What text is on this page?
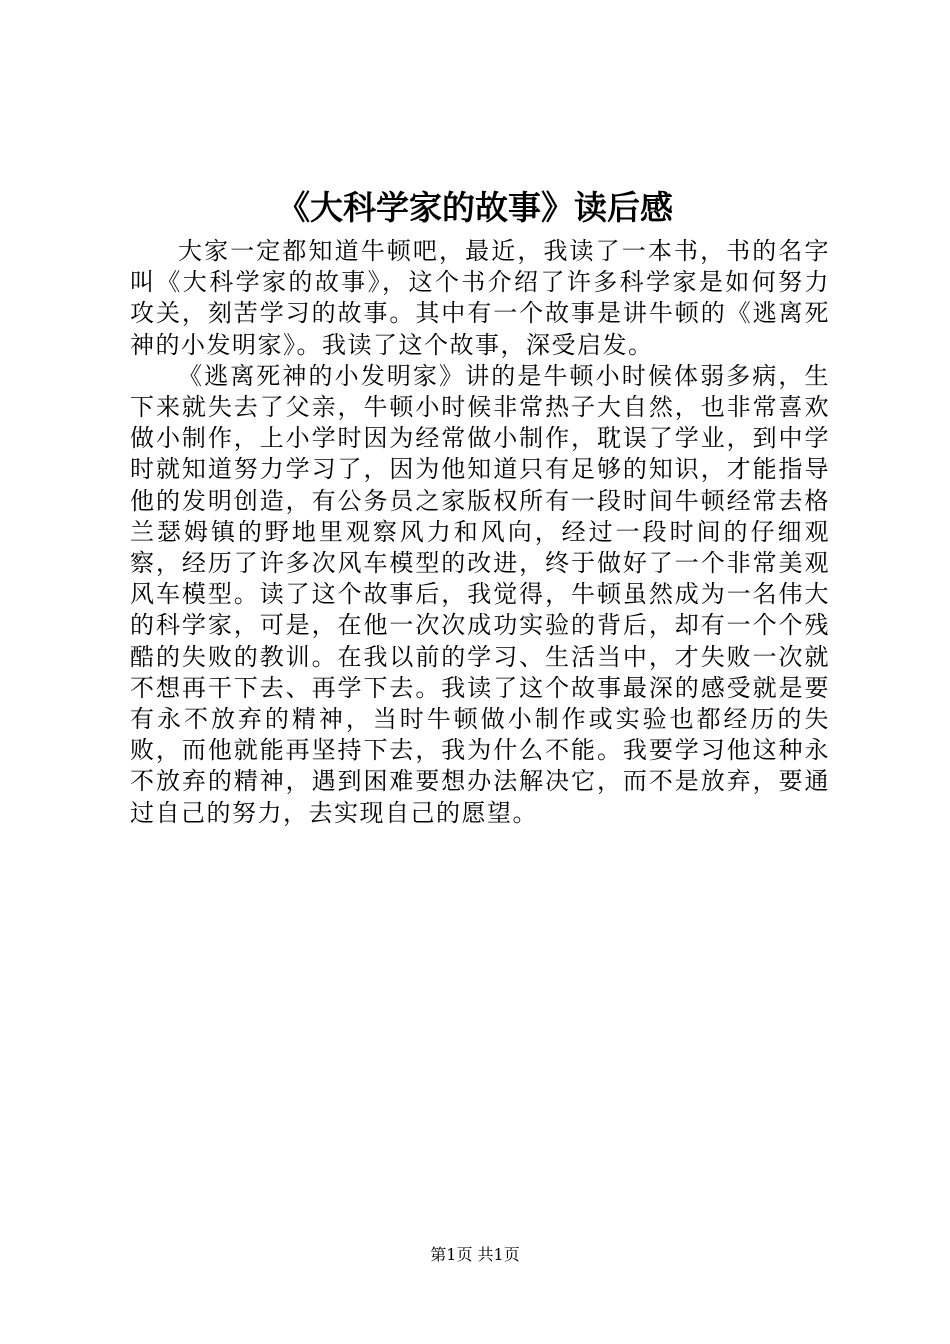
《大科学家的故事》读后感

大家一定都知道牛顿吧，最近，我读了一本书，书的名字叫《大科学家的故事》，这个书介绍了许多科学家是如何努力攻关，刻苦学习的故事。其中有一个故事是讲牛顿的《逃离死神的小发明家》。我读了这个故事，深受启发。

《逃离死神的小发明家》讲的是牛顿小时候体弱多病，生下来就失去了父亲，牛顿小时候非常热子大自然，也非常喜欢做小制作，上小学时因为经常做小制作，耽误了学业，到中学时就知道努力学习了，因为他知道只有足够的知识，才能指导他的发明创造，有公务员之家版权所有一段时间牛顿经常去格兰瑟姆镇的野地里观察风力和风向，经过一段时间的仔细观察，经历了许多次风车模型的改进，终于做好了一个非常美观风车模型。读了这个故事后，我觉得，牛顿虽然成为一名伟大的科学家，可是，在他一次次成功实验的背后，却有一个个残酷的失败的教训。在我以前的学习、生活当中，才失败一次就不想再干下去、再学下去。我读了这个故事最深的感受就是要有永不放弃的精神，当时牛顿做小制作或实验也都经历的失败，而他就能再坚持下去，我为什么不能。我要学习他这种永不放弃的精神，遇到困难要想办法解决它，而不是放弃，要通过自己的努力，去实现自己的愿望。

第1页 共1页
